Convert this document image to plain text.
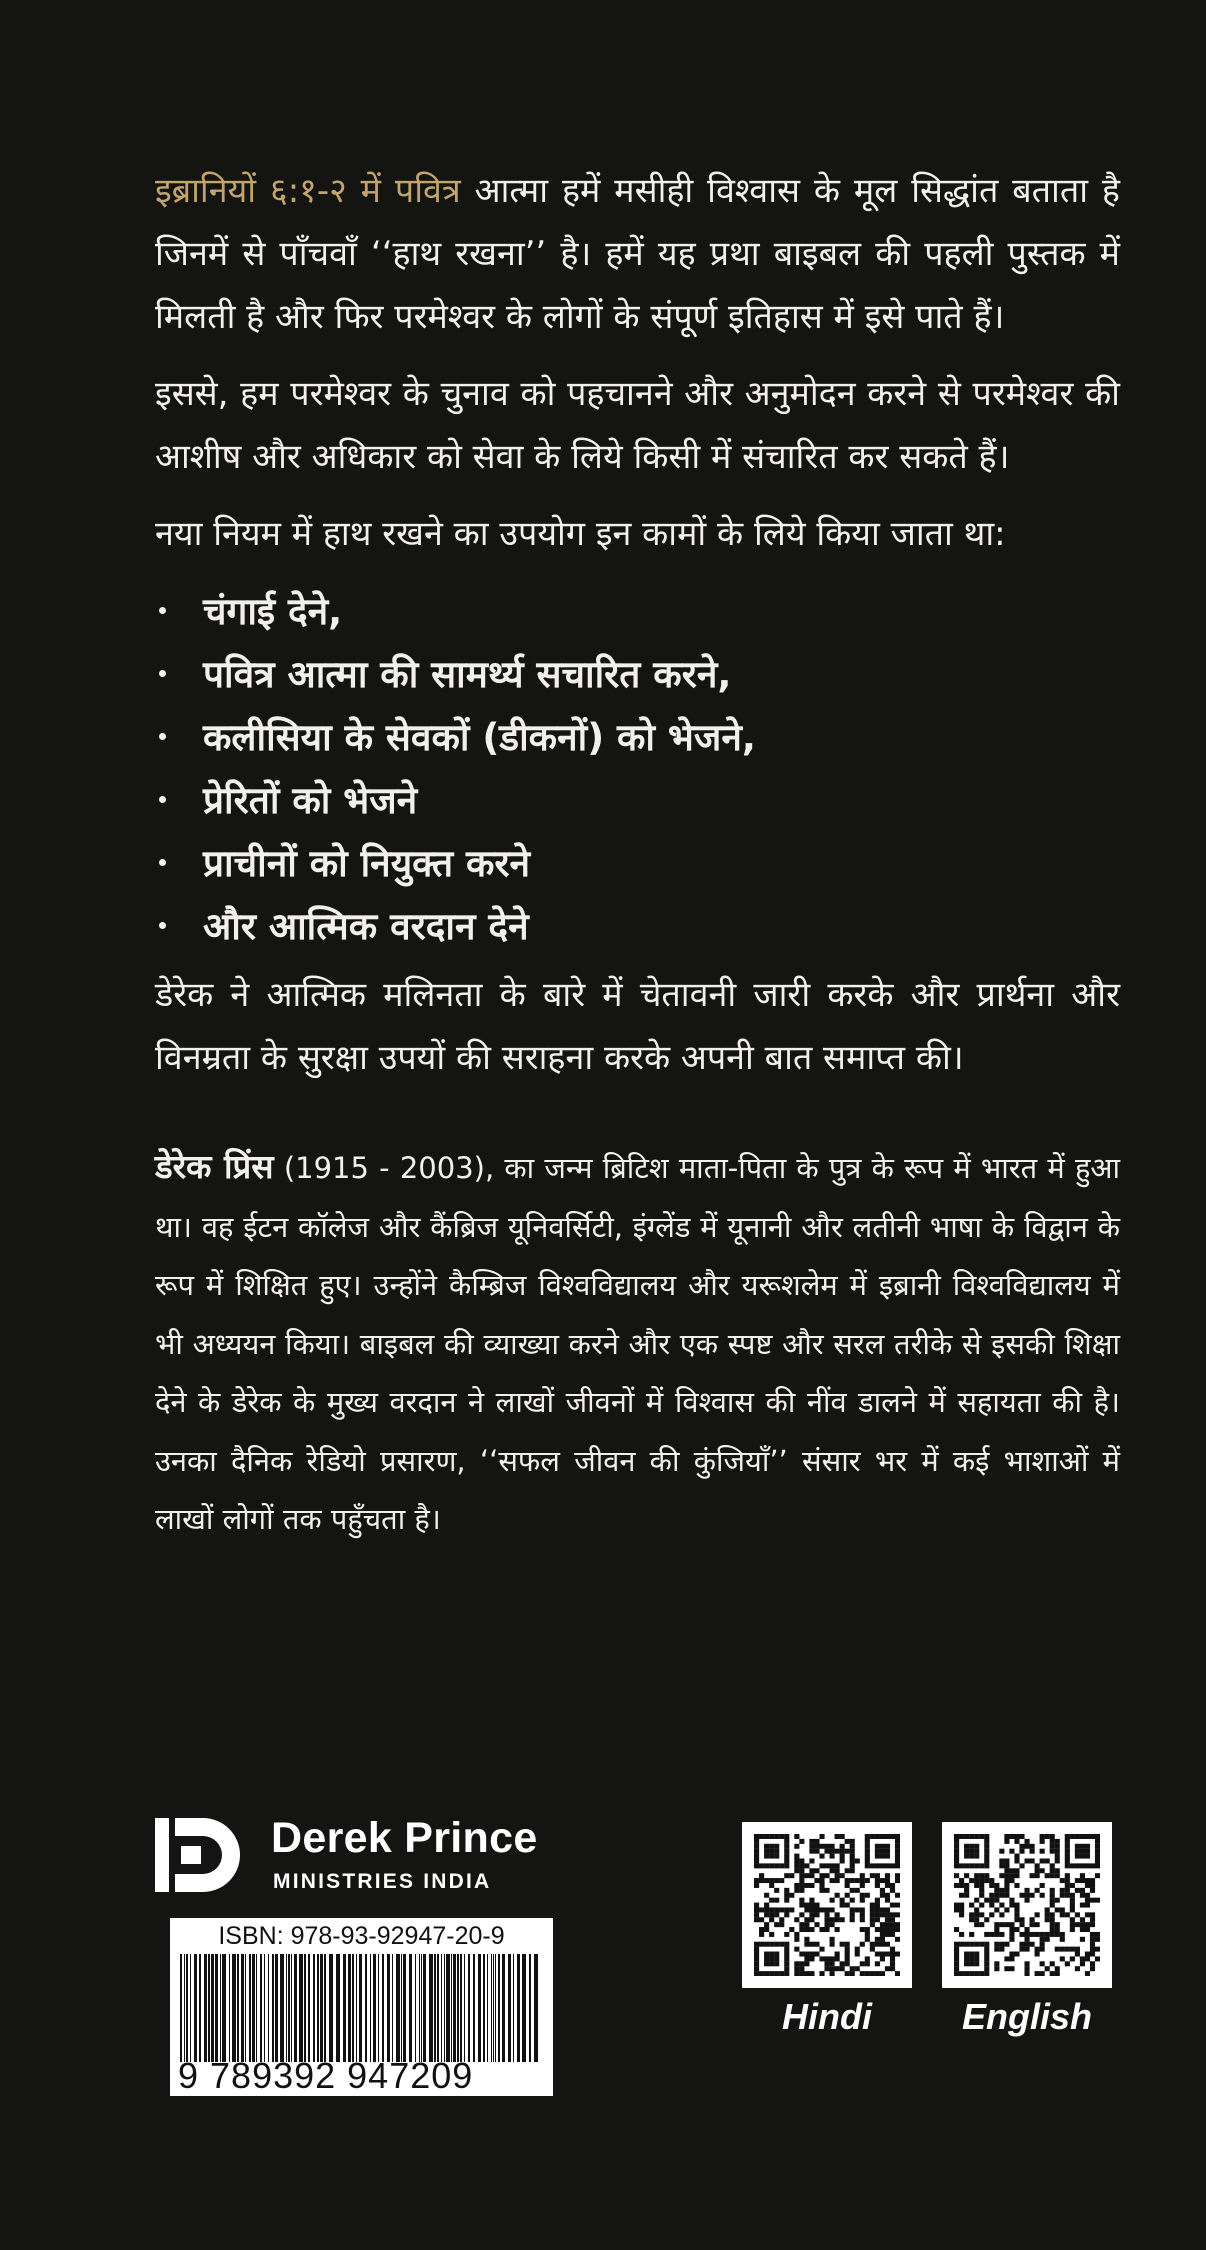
इब्रानियों ६:१-२ में पवित्र आत्मा हमें मसीही विश्वास के मूल सिद्धांत बताता है जिनमें से पाँचवाँ ‘‘हाथ रखना’’ है। हमें यह प्रथा बाइबल की पहली पुस्तक में मिलती है और फिर परमेश्वर के लोगों के संपूर्ण इतिहास में इसे पाते हैं।

इससे, हम परमेश्वर के चुनाव को पहचानने और अनुमोदन करने से परमेश्वर की आशीष और अधिकार को सेवा के लिये किसी में संचारित कर सकते हैं।

नया नियम में हाथ रखने का उपयोग इन कामों के लिये किया जाता था:

चंगाई देने,
पवित्र आत्मा की सामर्थ्य सचारित करने,
कलीसिया के सेवकों (डीकनों) को भेजने,
प्रेरितों को भेजने
प्राचीनों को नियुक्त करने
और आत्मिक वरदान देने

डेरेक ने आत्मिक मलिनता के बारे में चेतावनी जारी करके और प्रार्थना और विनम्रता के सुरक्षा उपयों की सराहना करके अपनी बात समाप्त की।

डेरेक प्रिंस (1915 - 2003), का जन्म ब्रिटिश माता-पिता के पुत्र के रूप में भारत में हुआ था। वह ईटन कॉलेज और कैंब्रिज यूनिवर्सिटी, इंग्लेंड में यूनानी और लतीनी भाषा के विद्वान के रूप में शिक्षित हुए। उन्होंने कैम्ब्रिज विश्वविद्यालय और यरूशलेम में इब्रानी विश्वविद्यालय में भी अध्ययन किया। बाइबल की व्याख्या करने और एक स्पष्ट और सरल तरीके से इसकी शिक्षा देने के डेरेक के मुख्य वरदान ने लाखों जीवनों में विश्वास की नींव डालने में सहायता की है। उनका दैनिक रेडियो प्रसारण, ‘‘सफल जीवन की कुंजियाँ’’ संसार भर में कई भाशाओं में लाखों लोगों तक पहुँचता है।

Derek Prince
MINISTRIES INDIA
ISBN: 978-93-92947-20-9
9 789392 947209
Hindi	English
